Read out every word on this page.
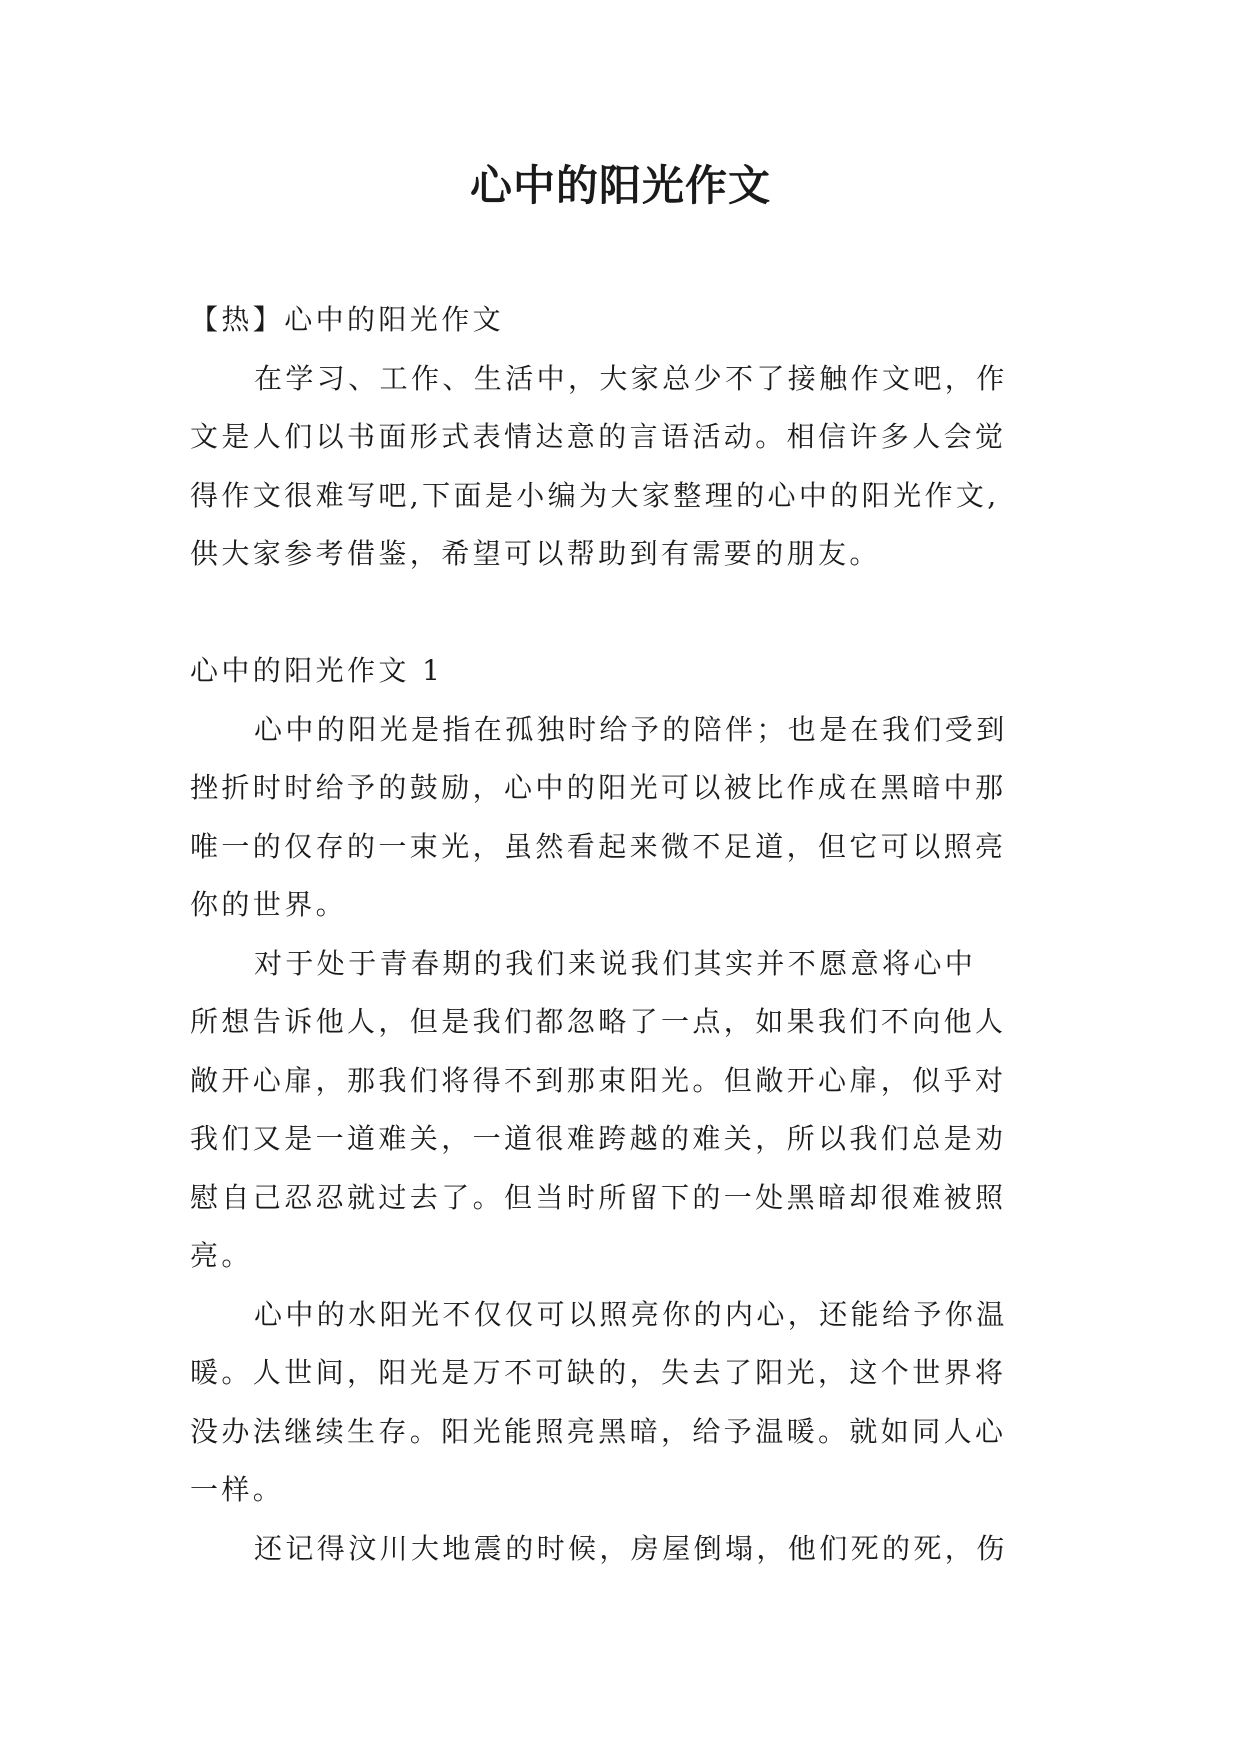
心中的阳光作文
【热】心中的阳光作文
在学习、工作、生活中，大家总少不了接触作文吧，作
文是人们以书面形式表情达意的言语活动。相信许多人会觉
得作文很难写吧,下面是小编为大家整理的心中的阳光作文,
供大家参考借鉴，希望可以帮助到有需要的朋友。
心中的阳光作文 1
心中的阳光是指在孤独时给予的陪伴；也是在我们受到
挫折时时给予的鼓励，心中的阳光可以被比作成在黑暗中那
唯一的仅存的一束光，虽然看起来微不足道，但它可以照亮
你的世界。
对于处于青春期的我们来说我们其实并不愿意将心中
所想告诉他人，但是我们都忽略了一点，如果我们不向他人
敞开心扉，那我们将得不到那束阳光。但敞开心扉，似乎对
我们又是一道难关，一道很难跨越的难关，所以我们总是劝
慰自己忍忍就过去了。但当时所留下的一处黑暗却很难被照
亮。
心中的水阳光不仅仅可以照亮你的内心，还能给予你温
暖。人世间，阳光是万不可缺的，失去了阳光，这个世界将
没办法继续生存。阳光能照亮黑暗，给予温暖。就如同人心
一样。
还记得汶川大地震的时候，房屋倒塌，他们死的死，伤
